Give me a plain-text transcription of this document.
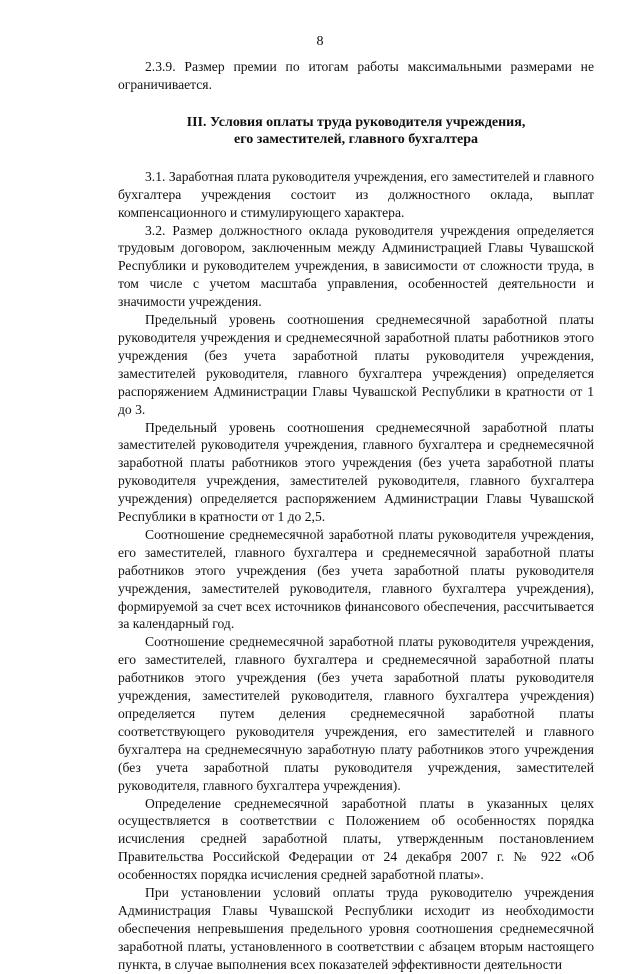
8

2.3.9. Размер премии по итогам работы максимальными размерами не ограничивается.

III. Условия оплаты труда руководителя учреждения,
его заместителей, главного бухгалтера

3.1. Заработная плата руководителя учреждения, его заместителей и главного бухгалтера учреждения состоит из должностного оклада, выплат компенсационного и стимулирующего характера.

3.2. Размер должностного оклада руководителя учреждения определяется трудовым договором, заключенным между Администрацией Главы Чувашской Республики и руководителем учреждения, в зависимости от сложности труда, в том числе с учетом масштаба управления, особенностей деятельности и значимости учреждения.

Предельный уровень соотношения среднемесячной заработной платы руководителя учреждения и среднемесячной заработной платы работников этого учреждения (без учета заработной платы руководителя учреждения, заместителей руководителя, главного бухгалтера учреждения) определяется распоряжением Администрации Главы Чувашской Республики в кратности от 1 до 3.

Предельный уровень соотношения среднемесячной заработной платы заместителей руководителя учреждения, главного бухгалтера и среднемесячной заработной платы работников этого учреждения (без учета заработной платы руководителя учреждения, заместителей руководителя, главного бухгалтера учреждения) определяется распоряжением Администрации Главы Чувашской Республики в кратности от 1 до 2,5.

Соотношение среднемесячной заработной платы руководителя учреждения, его заместителей, главного бухгалтера и среднемесячной заработной платы работников этого учреждения (без учета заработной платы руководителя учреждения, заместителей руководителя, главного бухгалтера учреждения), формируемой за счет всех источников финансового обеспечения, рассчитывается за календарный год.

Соотношение среднемесячной заработной платы руководителя учреждения, его заместителей, главного бухгалтера и среднемесячной заработной платы работников этого учреждения (без учета заработной платы руководителя учреждения, заместителей руководителя, главного бухгалтера учреждения) определяется путем деления среднемесячной заработной платы соответствующего руководителя учреждения, его заместителей и главного бухгалтера на среднемесячную заработную плату работников этого учреждения (без учета заработной платы руководителя учреждения, заместителей руководителя, главного бухгалтера учреждения).

Определение среднемесячной заработной платы в указанных целях осуществляется в соответствии с Положением об особенностях порядка исчисления средней заработной платы, утвержденным постановлением Правительства Российской Федерации от 24 декабря 2007 г. № 922 «Об особенностях порядка исчисления средней заработной платы».

При установлении условий оплаты труда руководителю учреждения Администрация Главы Чувашской Республики исходит из необходимости обеспечения непревышения предельного уровня соотношения среднемесячной заработной платы, установленного в соответствии с абзацем вторым настоящего пункта, в случае выполнения всех показателей эффективности деятельности
